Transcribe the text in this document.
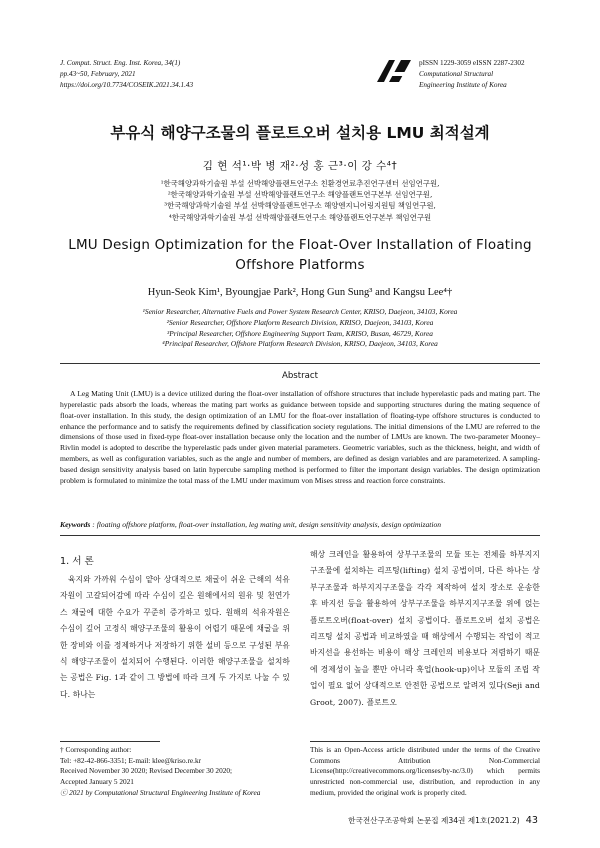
J. Comput. Struct. Eng. Inst. Korea, 34(1)
pp.43~50, February, 2021
https://doi.org/10.7734/COSEIK.2021.34.1.43
pISSN 1229-3059 eISSN 2287-2302
Computational Structural
Engineering Institute of Korea
부유식 해양구조물의 플로트오버 설치용 LMU 최적설계
김 현 석¹·박 병 재²·성 홍 근³·이 강 수⁴†
¹한국해양과학기술원 부설 선박해양플랜트연구소 친환경연료추진연구센터 선임연구원,
²한국해양과학기술원 부설 선박해양플랜트연구소 해양플랜트연구본부 선임연구원,
³한국해양과학기술원 부설 선박해양플랜트연구소 해양엔지니어링지원팀 책임연구원,
⁴한국해양과학기술원 부설 선박해양플랜트연구소 해양플랜트연구본부 책임연구원
LMU Design Optimization for the Float-Over Installation of Floating
Offshore Platforms
Hyun-Seok Kim¹, Byoungjae Park², Hong Gun Sung³ and Kangsu Lee⁴†
¹Senior Researcher, Alternative Fuels and Power System Research Center, KRISO, Daejeon, 34103, Korea
²Senior Researcher, Offshore Platform Research Division, KRISO, Daejeon, 34103, Korea
³Principal Researcher, Offshore Engineering Support Team, KRISO, Busan, 46729, Korea
⁴Principal Researcher, Offshore Platform Research Division, KRISO, Daejeon, 34103, Korea
Abstract
A Leg Mating Unit (LMU) is a device utilized during the float-over installation of offshore structures that include hyperelastic pads and mating part. The hyperelastic pads absorb the loads, whereas the mating part works as guidance between topside and supporting structures during the mating sequence of float-over installation. In this study, the design optimization of an LMU for the float-over installation of floating-type offshore structures is conducted to enhance the performance and to satisfy the requirements defined by classification society regulations. The initial dimensions of the LMU are referred to the dimensions of those used in fixed-type float-over installation because only the location and the number of LMUs are known. The two-parameter Mooney–Rivlin model is adopted to describe the hyperelastic pads under given material parameters. Geometric variables, such as the thickness, height, and width of members, as well as configuration variables, such as the angle and number of members, are defined as design variables and are parameterized. A sampling-based design sensitivity analysis based on latin hypercube sampling method is performed to filter the important design variables. The design optimization problem is formulated to minimize the total mass of the LMU under maximum von Mises stress and reaction force constraints.
Keywords : floating offshore platform, float-over installation, leg mating unit, design sensitivity analysis, design optimization
1. 서 론
육지와 가까워 수심이 얕아 상대적으로 채굴이 쉬운 근해의 석유 자원이 고갈되어감에 따라 수심이 깊은 원해에서의 원유 및 천연가스 채굴에 대한 수요가 꾸준히 증가하고 있다. 원해의 석유자원은 수심이 깊어 고정식 해양구조물의 활용이 어렵기 때문에 채굴을 위한 장비와 이를 정제하거나 저장하기 위한 설비 등으로 구성된 부유식 해양구조물이 설치되어 수행된다. 이러한 해양구조물을 설치하는 공법은 Fig. 1과 같이 그 방법에 따라 크게 두 가지로 나눌 수 있다. 하나는
해상 크레인을 활용하여 상부구조물의 모듈 또는 전체를 하부지지구조물에 설치하는 리프팅(lifting) 설치 공법이며, 다른 하나는 상부구조물과 하부지지구조물을 각각 제작하여 설치 장소로 운송한 후 바지선 등을 활용하여 상부구조물을 하부지지구조물 위에 얹는 플로트오버(float-over) 설치 공법이다. 플로트오버 설치 공법은 리프팅 설치 공법과 비교하였을 때 해상에서 수행되는 작업이 적고 바지선을 용선하는 비용이 해상 크레인의 비용보다 저렴하기 때문에 경제성이 높을 뿐만 아니라 훅업(hook-up)이나 모듈의 조립 작업이 필요 없어 상대적으로 안전한 공법으로 알려져 있다(Seji and Groot, 2007). 플로트오
† Corresponding author:
Tel: +82-42-866-3351; E-mail: klee@kriso.re.kr
Received November 30 2020; Revised December 30 2020;
Accepted January 5 2021
ⓒ 2021 by Computational Structural Engineering Institute of Korea
This is an Open-Access article distributed under the terms of the Creative Commons Attribution Non-Commercial License(http://creativecommons.org/licenses/by-nc/3.0) which permits unrestricted non-commercial use, distribution, and reproduction in any medium, provided the original work is properly cited.
한국전산구조공학회 논문집 제34권 제1호(2021.2) 43
